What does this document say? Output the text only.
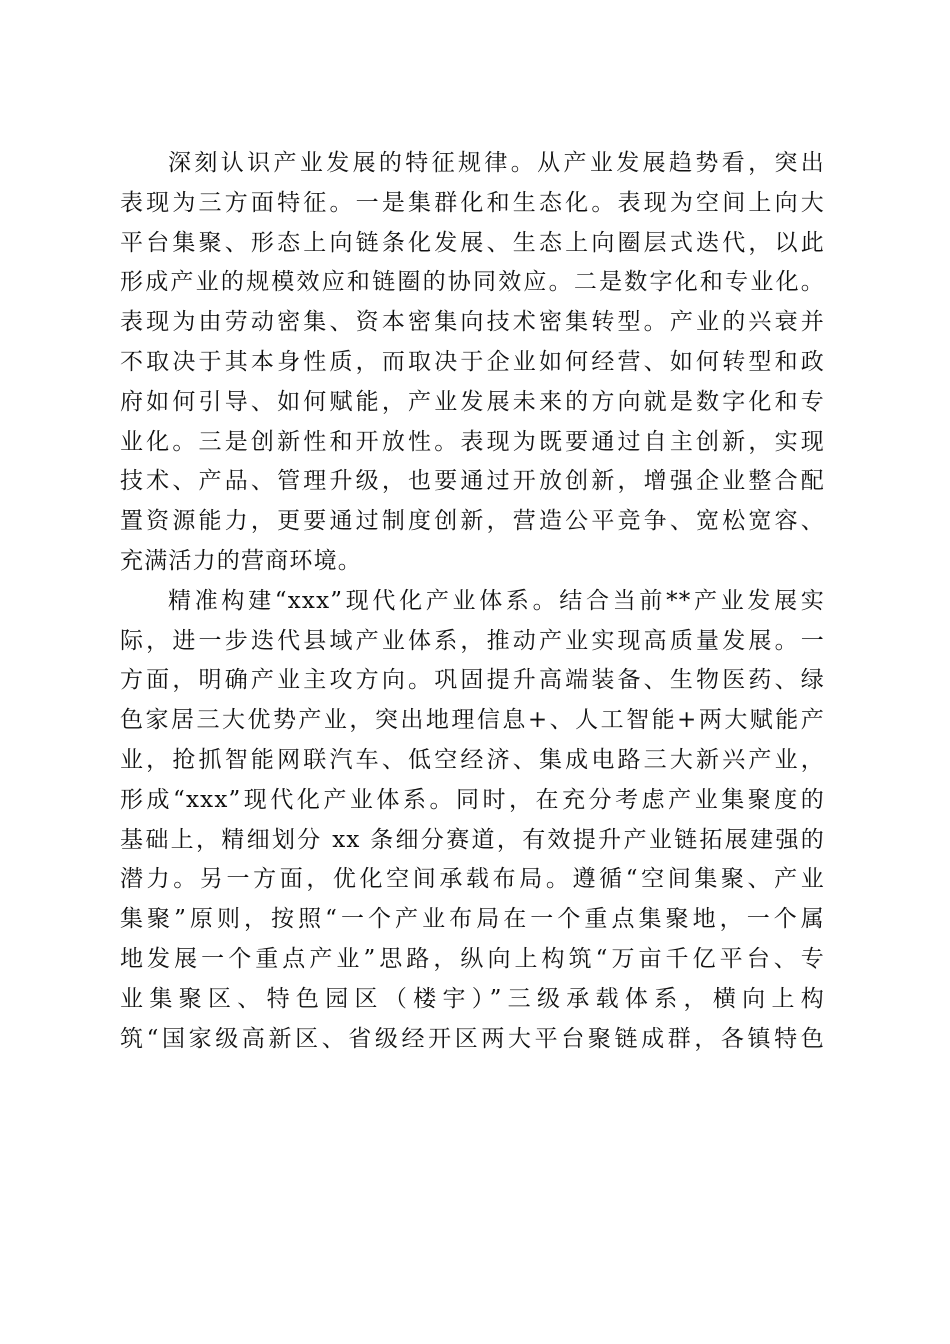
深刻认识产业发展的特征规律。从产业发展趋势看，突出
表现为三方面特征。一是集群化和生态化。表现为空间上向大
平台集聚、形态上向链条化发展、生态上向圈层式迭代，以此
形成产业的规模效应和链圈的协同效应。二是数字化和专业化。
表现为由劳动密集、资本密集向技术密集转型。产业的兴衰并
不取决于其本身性质，而取决于企业如何经营、如何转型和政
府如何引导、如何赋能，产业发展未来的方向就是数字化和专
业化。三是创新性和开放性。表现为既要通过自主创新，实现
技术、产品、管理升级，也要通过开放创新，增强企业整合配
置资源能力，更要通过制度创新，营造公平竞争、宽松宽容、
充满活力的营商环境。
精准构建“xxx”现代化产业体系。结合当前**产业发展实
际，进一步迭代县域产业体系，推动产业实现高质量发展。一
方面，明确产业主攻方向。巩固提升高端装备、生物医药、绿
色家居三大优势产业，突出地理信息+、人工智能+两大赋能产
业，抢抓智能网联汽车、低空经济、集成电路三大新兴产业，
形成“xxx”现代化产业体系。同时，在充分考虑产业集聚度的
基础上，精细划分 xx 条细分赛道，有效提升产业链拓展建强的
潜力。另一方面，优化空间承载布局。遵循“空间集聚、产业
集聚”原则，按照“一个产业布局在一个重点集聚地，一个属
地发展一个重点产业”思路，纵向上构筑“万亩千亿平台、专
业集聚区、特色园区（楼宇）”三级承载体系，横向上构
筑“国家级高新区、省级经开区两大平台聚链成群，各镇特色
